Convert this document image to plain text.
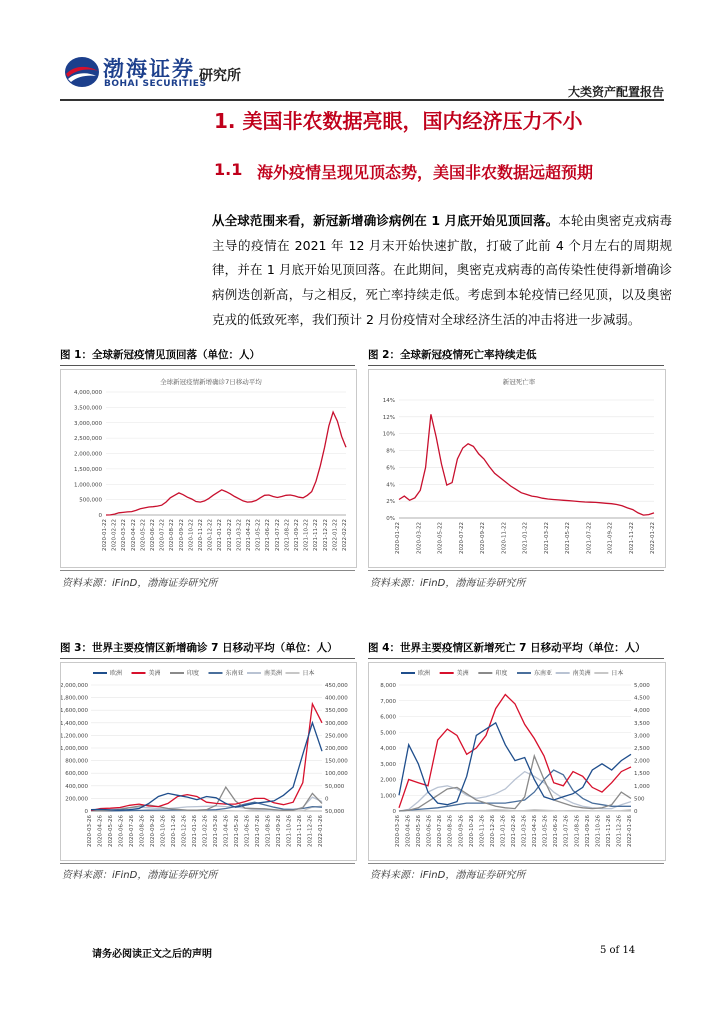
渤海证券
BOHAI SECURITIES
研究所
大类资产配置报告
1. 美国非农数据亮眼，国内经济压力不小
1.1 海外疫情呈现见顶态势，美国非农数据远超预期
从全球范围来看，新冠新增确诊病例在 1 月底开始见顶回落。本轮由奥密克戎病毒主导的疫情在 2021 年 12 月末开始快速扩散，打破了此前 4 个月左右的周期规律，并在 1 月底开始见顶回落。在此期间，奥密克戎病毒的高传染性使得新增确诊病例迭创新高，与之相反，死亡率持续走低。考虑到本轮疫情已经见顶，以及奥密克戎的低致死率，我们预计 2 月份疫情对全球经济生活的冲击将进一步减弱。
图 1：全球新冠疫情见顶回落（单位：人）
全球新冠疫情新增确诊7日移动平均
0
500,000
1,000,000
1,500,000
2,000,000
2,500,000
3,000,000
3,500,000
4,000,000
2020-01-22 2020-02-22 2020-03-22 2020-04-22 2020-05-22 2020-06-22 2020-07-22 2020-08-22 2020-09-22 2020-10-22 2020-11-22 2020-12-22 2021-01-22 2021-02-22 2021-03-22 2021-04-22 2021-05-22 2021-06-22 2021-07-22 2021-08-22 2021-09-22 2021-10-22 2021-11-22 2021-12-22 2022-01-22 2022-02-22
资料来源：iFinD，渤海证券研究所
图 2：全球新冠疫情死亡率持续走低
新冠死亡率
0%
2%
4%
6%
8%
10%
12%
14%
2020-01-22	2020-03-22	2020-05-22	2020-07-22	2020-09-22	2020-11-22	2021-01-22	2021-03-22	2021-05-22	2021-07-22	2021-09-22	2021-11-22	2022-01-22
资料来源：iFinD，渤海证券研究所
图 3：世界主要疫情区新增确诊 7 日移动平均（单位：人）
欧洲	美洲	印度	东南亚	南美洲	日本
0
200,000
400,000
600,000
800,000
1,000,000
1,200,000
1,400,000
1,600,000
1,800,000
2,000,000
50,000
0
50,000
100,000
150,000
200,000
250,000
300,000
350,000
400,000
450,000
2020-03-26 2020-04-26 2020-05-26 2020-06-26 2020-07-26 2020-08-26 2020-09-26 2020-10-26 2020-11-26 2020-12-26 2021-01-26 2021-02-26 2021-03-26 2021-04-26 2021-05-26 2021-06-26 2021-07-26 2021-08-26 2021-09-26 2021-10-26 2021-11-26 2021-12-26 2022-01-26
资料来源：iFinD，渤海证券研究所
图 4：世界主要疫情区新增死亡 7 日移动平均（单位：人）
欧洲	美洲	印度	东南亚	南美洲	日本
0
1,000
2,000
3,000
4,000
5,000
6,000
7,000
8,000
0
500
1,000
1,500
2,000
2,500
3,000
3,500
4,000
4,500
5,000
2020-03-26 2020-04-26 2020-05-26 2020-06-26 2020-07-26 2020-08-26 2020-09-26 2020-10-26 2020-11-26 2020-12-26 2021-01-26 2021-02-26 2021-03-26 2021-04-26 2021-05-26 2021-06-26 2021-07-26 2021-08-26 2021-09-26 2021-10-26 2021-11-26 2021-12-26 2022-01-26
资料来源：iFinD，渤海证券研究所
请务必阅读正文之后的声明	5 of 14
